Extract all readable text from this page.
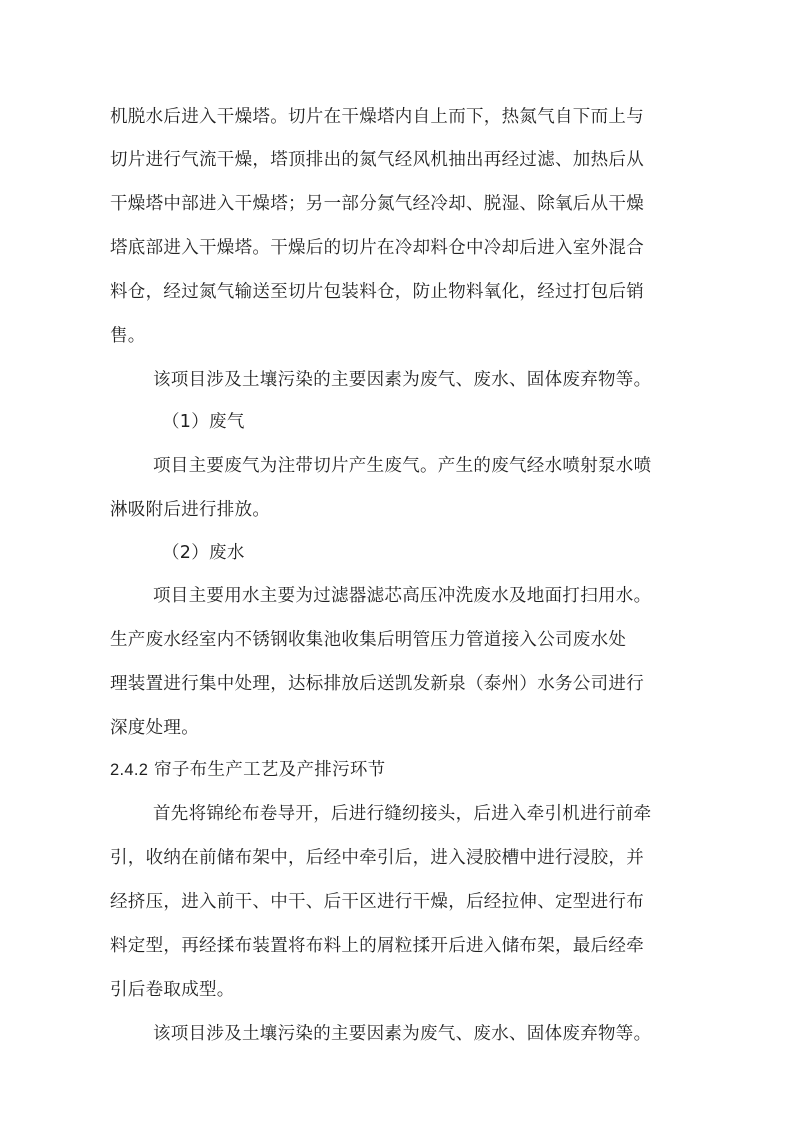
机脱水后进入干燥塔。切片在干燥塔内自上而下，热氮气自下而上与
切片进行气流干燥，塔顶排出的氮气经风机抽出再经过滤、加热后从
干燥塔中部进入干燥塔；另一部分氮气经冷却、脱湿、除氧后从干燥
塔底部进入干燥塔。干燥后的切片在冷却料仓中冷却后进入室外混合
料仓，经过氮气输送至切片包装料仓，防止物料氧化，经过打包后销
售。
该项目涉及土壤污染的主要因素为废气、废水、固体废弃物等。
（1）废气
项目主要废气为注带切片产生废气。产生的废气经水喷射泵水喷
淋吸附后进行排放。
（2）废水
项目主要用水主要为过滤器滤芯高压冲洗废水及地面打扫用水。
生产废水经室内不锈钢收集池收集后明管压力管道接入公司废水处
理装置进行集中处理，达标排放后送凯发新泉（泰州）水务公司进行
深度处理。
2.4.2 帘子布生产工艺及产排污环节
首先将锦纶布卷导开，后进行缝纫接头，后进入牵引机进行前牵
引，收纳在前储布架中，后经中牵引后，进入浸胶槽中进行浸胶，并
经挤压，进入前干、中干、后干区进行干燥，后经拉伸、定型进行布
料定型，再经揉布装置将布料上的屑粒揉开后进入储布架，最后经牵
引后卷取成型。
该项目涉及土壤污染的主要因素为废气、废水、固体废弃物等。
